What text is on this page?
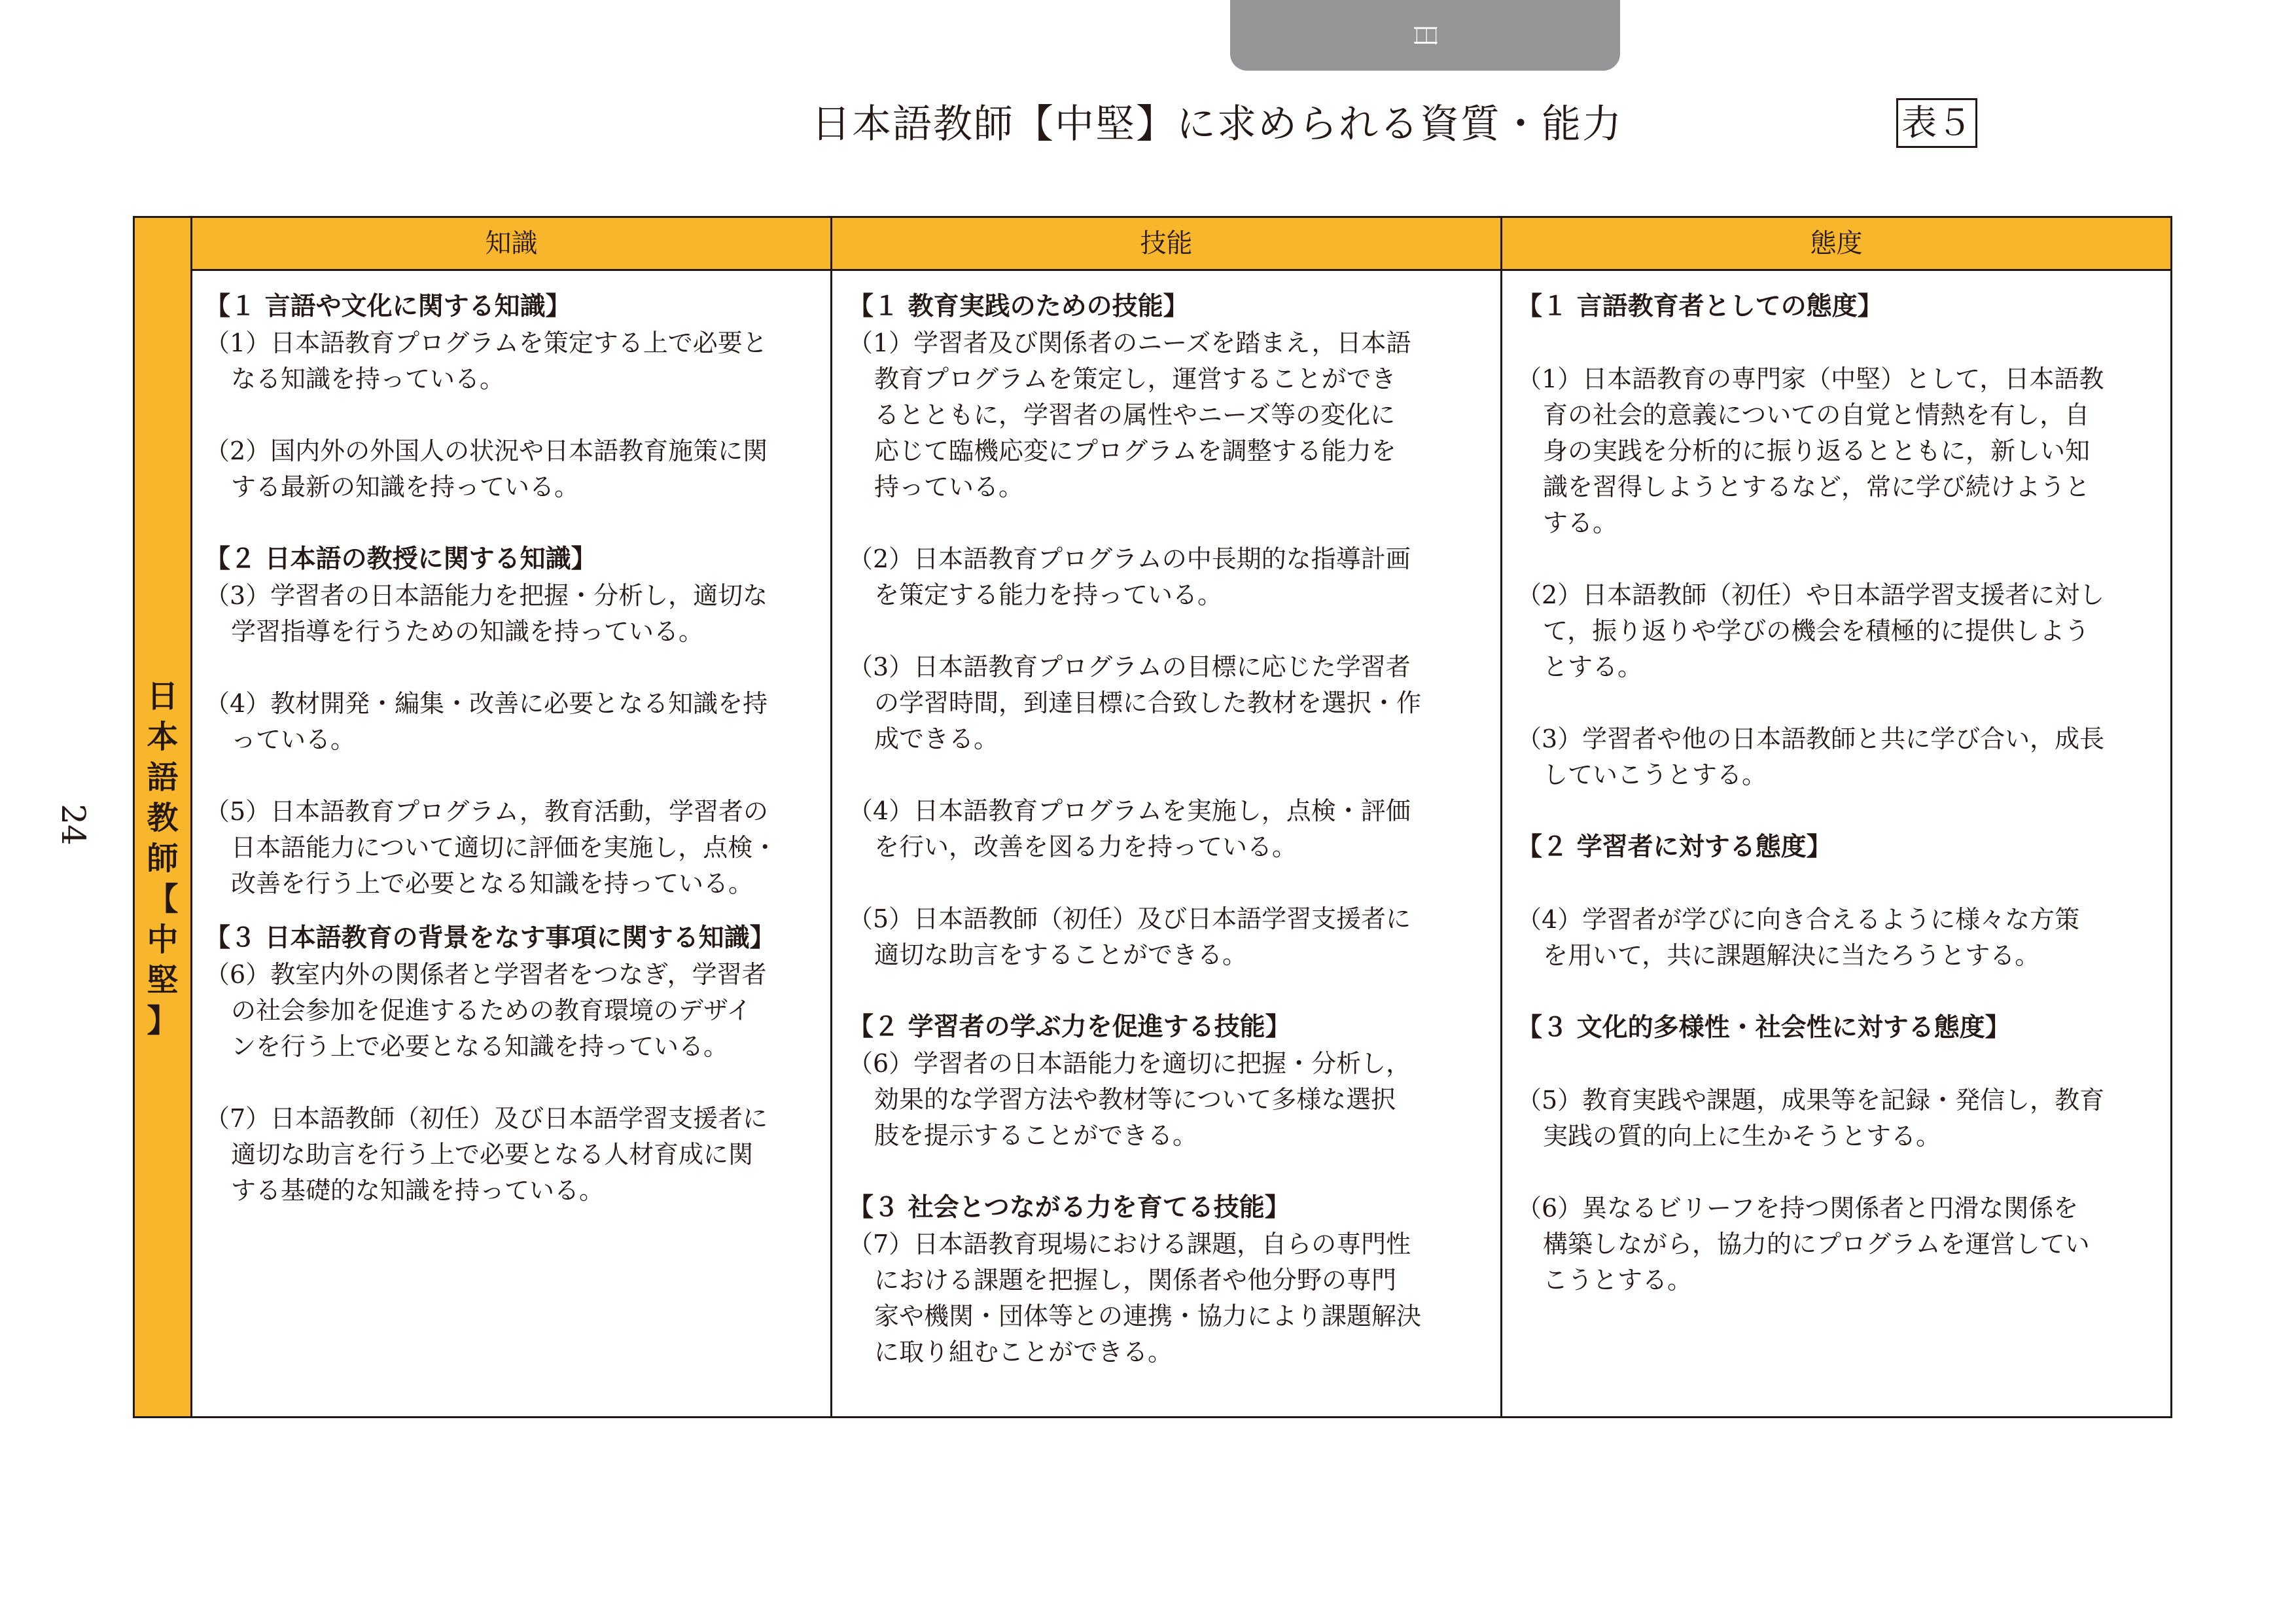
日
日本語教師【中堅】に求められる資質・能力	表５
24
日
本
語
教
師
【
中
堅
】
知識	技能	態度
【１ 言語や文化に関する知識】
（1）日本語教育プログラムを策定する上で必要と
なる知識を持っている。
（2）国内外の外国人の状況や日本語教育施策に関
する最新の知識を持っている。
【２ 日本語の教授に関する知識】
（3）学習者の日本語能力を把握・分析し，適切な
学習指導を行うための知識を持っている。
（4）教材開発・編集・改善に必要となる知識を持
っている。
（5）日本語教育プログラム，教育活動，学習者の
日本語能力について適切に評価を実施し，点検・
改善を行う上で必要となる知識を持っている。
【３ 日本語教育の背景をなす事項に関する知識】
（6）教室内外の関係者と学習者をつなぎ，学習者
の社会参加を促進するための教育環境のデザイ
ンを行う上で必要となる知識を持っている。
（7）日本語教師（初任）及び日本語学習支援者に
適切な助言を行う上で必要となる人材育成に関
する基礎的な知識を持っている。
【１ 教育実践のための技能】
（1）学習者及び関係者のニーズを踏まえ，日本語
教育プログラムを策定し，運営することができ
るとともに，学習者の属性やニーズ等の変化に
応じて臨機応変にプログラムを調整する能力を
持っている。
（2）日本語教育プログラムの中長期的な指導計画
を策定する能力を持っている。
（3）日本語教育プログラムの目標に応じた学習者
の学習時間，到達目標に合致した教材を選択・作
成できる。
（4）日本語教育プログラムを実施し，点検・評価
を行い，改善を図る力を持っている。
（5）日本語教師（初任）及び日本語学習支援者に
適切な助言をすることができる。
【２ 学習者の学ぶ力を促進する技能】
（6）学習者の日本語能力を適切に把握・分析し，
効果的な学習方法や教材等について多様な選択
肢を提示することができる。
【３ 社会とつながる力を育てる技能】
（7）日本語教育現場における課題，自らの専門性
における課題を把握し，関係者や他分野の専門
家や機関・団体等との連携・協力により課題解決
に取り組むことができる。
【１ 言語教育者としての態度】
（1）日本語教育の専門家（中堅）として，日本語教
育の社会的意義についての自覚と情熱を有し，自
身の実践を分析的に振り返るとともに，新しい知
識を習得しようとするなど，常に学び続けようと
する。
（2）日本語教師（初任）や日本語学習支援者に対し
て，振り返りや学びの機会を積極的に提供しよう
とする。
（3）学習者や他の日本語教師と共に学び合い，成長
していこうとする。
【２ 学習者に対する態度】
（4）学習者が学びに向き合えるように様々な方策
を用いて，共に課題解決に当たろうとする。
【３ 文化的多様性・社会性に対する態度】
（5）教育実践や課題，成果等を記録・発信し，教育
実践の質的向上に生かそうとする。
（6）異なるビリーフを持つ関係者と円滑な関係を
構築しながら，協力的にプログラムを運営してい
こうとする。
